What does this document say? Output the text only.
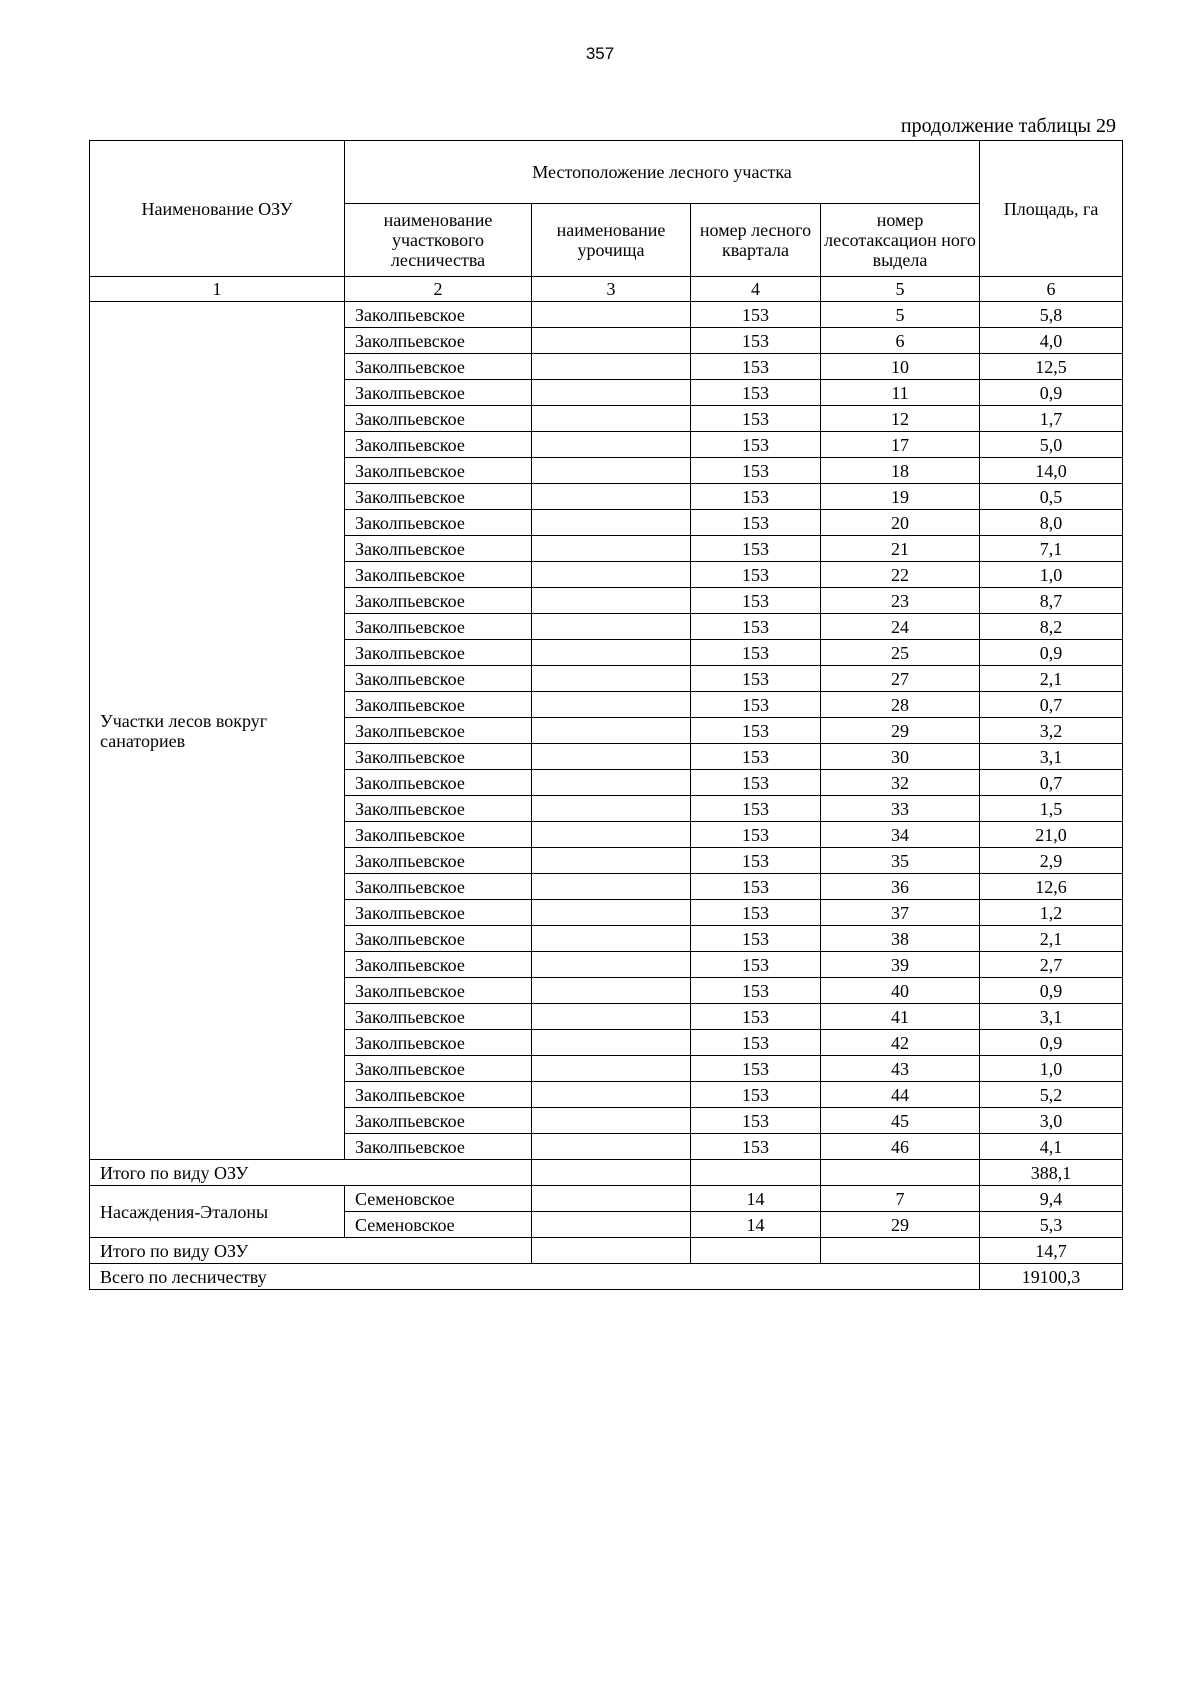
357
продолжение таблицы 29
Наименование ОЗУ	Местоположение лесного участка				Площадь, га
	наименование участкового лесничества	наименование урочища	номер лесного квартала	номер лесотаксацион ного выдела	
1	2	3	4	5	6
Участки лесов вокруг санаториев	Заколпьевское		153	5	5,8
	Заколпьевское		153	6	4,0
	Заколпьевское		153	10	12,5
	Заколпьевское		153	11	0,9
	Заколпьевское		153	12	1,7
	Заколпьевское		153	17	5,0
	Заколпьевское		153	18	14,0
	Заколпьевское		153	19	0,5
	Заколпьевское		153	20	8,0
	Заколпьевское		153	21	7,1
	Заколпьевское		153	22	1,0
	Заколпьевское		153	23	8,7
	Заколпьевское		153	24	8,2
	Заколпьевское		153	25	0,9
	Заколпьевское		153	27	2,1
	Заколпьевское		153	28	0,7
	Заколпьевское		153	29	3,2
	Заколпьевское		153	30	3,1
	Заколпьевское		153	32	0,7
	Заколпьевское		153	33	1,5
	Заколпьевское		153	34	21,0
	Заколпьевское		153	35	2,9
	Заколпьевское		153	36	12,6
	Заколпьевское		153	37	1,2
	Заколпьевское		153	38	2,1
	Заколпьевское		153	39	2,7
	Заколпьевское		153	40	0,9
	Заколпьевское		153	41	3,1
	Заколпьевское		153	42	0,9
	Заколпьевское		153	43	1,0
	Заколпьевское		153	44	5,2
	Заколпьевское		153	45	3,0
	Заколпьевское		153	46	4,1
Итого по виду ОЗУ					388,1
Насаждения-Эталоны	Семеновское		14	7	9,4
	Семеновское		14	29	5,3
Итого по виду ОЗУ					14,7
Всего по лесничеству					19100,3
